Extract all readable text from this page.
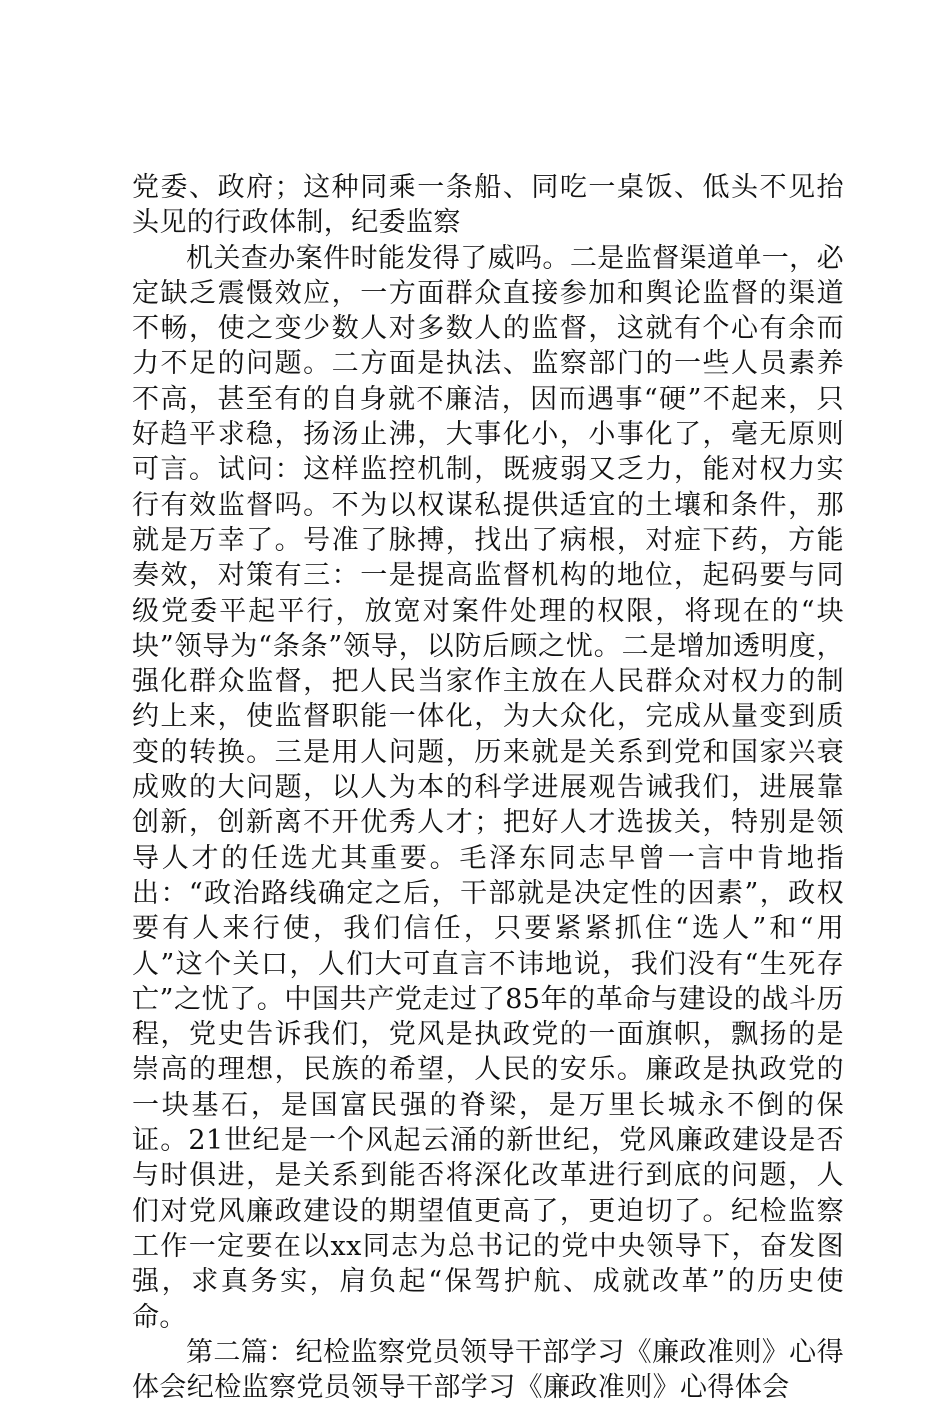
党委、政府；这种同乘一条船、同吃一桌饭、低头不见抬头见的行政体制，纪委监察

机关查办案件时能发得了威吗。二是监督渠道单一，必定缺乏震慑效应，一方面群众直接参加和舆论监督的渠道不畅，使之变少数人对多数人的监督，这就有个心有余而力不足的问题。二方面是执法、监察部门的一些人员素养不高，甚至有的自身就不廉洁，因而遇事“硬”不起来，只好趋平求稳，扬汤止沸，大事化小，小事化了，毫无原则可言。试问：这样监控机制，既疲弱又乏力，能对权力实行有效监督吗。不为以权谋私提供适宜的土壤和条件，那就是万幸了。号准了脉搏，找出了病根，对症下药，方能奏效，对策有三：一是提高监督机构的地位，起码要与同级党委平起平行，放宽对案件处理的权限，将现在的“块块”领导为“条条”领导，以防后顾之忧。二是增加透明度，强化群众监督，把人民当家作主放在人民群众对权力的制约上来，使监督职能一体化，为大众化，完成从量变到质变的转换。三是用人问题，历来就是关系到党和国家兴衰成败的大问题，以人为本的科学进展观告诫我们，进展靠创新，创新离不开优秀人才；把好人才选拔关，特别是领导人才的任选尤其重要。毛泽东同志早曾一言中肯地指出：“政治路线确定之后，干部就是决定性的因素”，政权要有人来行使，我们信任，只要紧紧抓住“选人”和“用人”这个关口，人们大可直言不讳地说，我们没有“生死存亡”之忧了。中国共产党走过了85年的革命与建设的战斗历程，党史告诉我们，党风是执政党的一面旗帜，飘扬的是崇高的理想，民族的希望，人民的安乐。廉政是执政党的一块基石，是国富民强的脊梁，是万里长城永不倒的保证。21世纪是一个风起云涌的新世纪，党风廉政建设是否与时俱进，是关系到能否将深化改革进行到底的问题，人们对党风廉政建设的期望值更高了，更迫切了。纪检监察工作一定要在以xx同志为总书记的党中央领导下，奋发图强，求真务实，肩负起“保驾护航、成就改革”的历史使命。

第二篇：纪检监察党员领导干部学习《廉政准则》心得体会纪检监察党员领导干部学习《廉政准则》心得体会
